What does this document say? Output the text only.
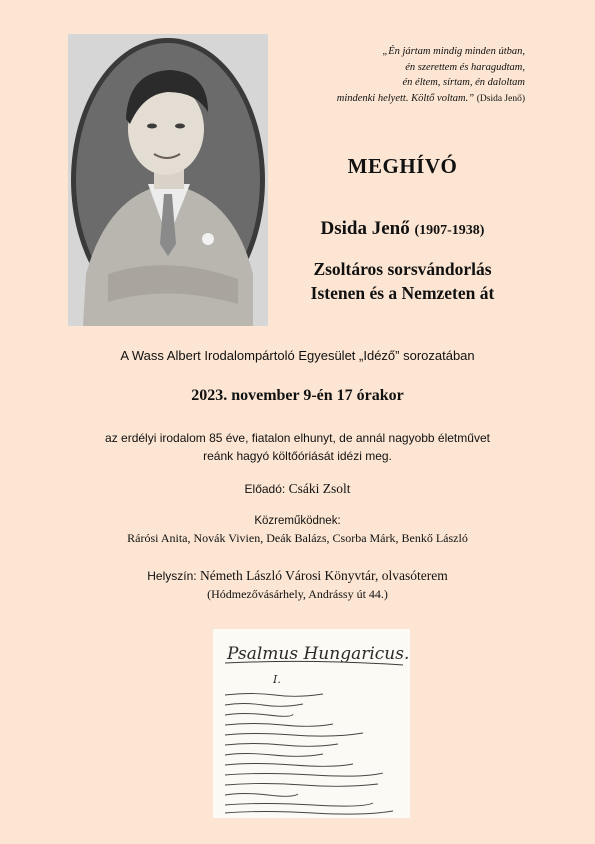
„Én jártam mindig minden útban,
én szerettem és haragudtam,
én éltem, sírtam, én daloltam
mindenki helyett. Költő voltam.” (Dsida Jenő)
MEGHÍVÓ
Dsida Jenő (1907-1938)
Zsoltáros sorsvándorlás
Istenen és a Nemzeten át
A Wass Albert Irodalompártoló Egyesület „Idéző” sorozatában
2023. november 9-én 17 órakor
az erdélyi irodalom 85 éve, fiatalon elhunyt, de annál nagyobb életművet
reánk hagyó költőóriását idézi meg.
Előadó: Csáki Zsolt
Közreműködnek:
Rárósi Anita, Novák Vivien, Deák Balázs, Csorba Márk, Benkő László
Helyszín: Németh László Városi Könyvtár, olvasóterem
(Hódmezővásárhely, Andrássy út 44.)
Psalmus Hungaricus.
I.
